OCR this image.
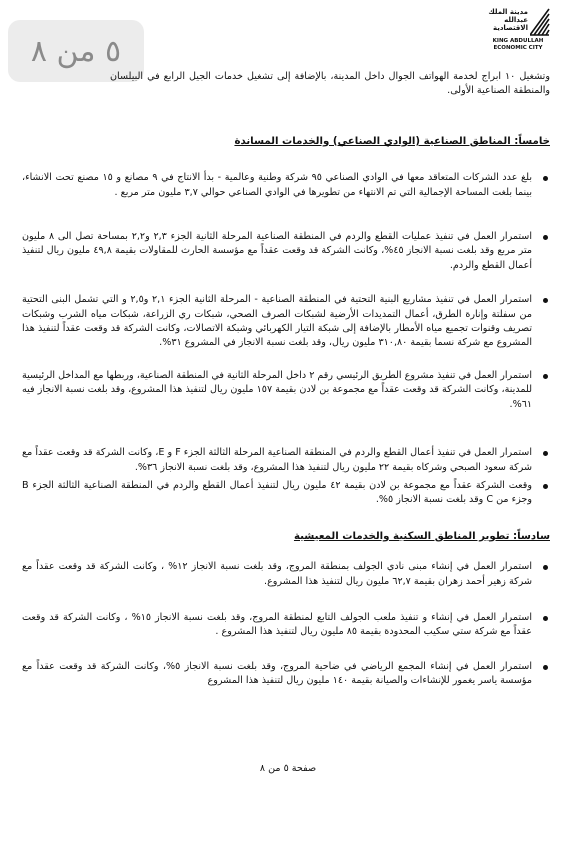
٥ من ٨
مدينة الملك عبدالله الاقتصادية
KING ABDULLAH ECONOMIC CITY

وتشغيل ١٠ ابراج لخدمة الهواتف الجوال داخل المدينة، بالإضافة إلى تشغيل خدمات الجيل الرابع في البيلسان والمنطقة الصناعية الأولى.

خامساً: المناطق الصناعية (الوادي الصناعي) والخدمات المساندة

بلغ عدد الشركات المتعاقد معها في الوادي الصناعي ٩٥ شركة وطنية وعالمية - بدأ الانتاج في ٩ مصانع و ١٥ مصنع تحت الانشاء، بينما بلغت المساحة الإجمالية التي تم الانتهاء من تطويرها في الوادي الصناعي حوالي ٣,٧ مليون متر مربع .
استمرار العمل في تنفيذ عمليات القطع والردم في المنطقة الصناعية المرحلة الثانية الجزء ٢,٣ و٢,٢ بمساحة تصل الى ٨ مليون متر مربع وقد بلغت نسبة الانجاز ٤٥%، وكانت الشركة قد وقعت عقداً مع مؤسسة الحارث للمقاولات بقيمة ٤٩,٨ مليون ريال لتنفيذ أعمال القطع والردم.
استمرار العمل في تنفيذ مشاريع البنية التحتية في المنطقة الصناعية - المرحلة الثانية الجزء ٢,١ و٢,٥ و التي تشمل البنى التحتية من سفلتة وإنارة الطرق، أعمال التمديدات الأرضية لشبكات الصرف الصحي، شبكات ري الزراعة، شبكات مياه الشرب وشبكات تصريف وقنوات تجميع مياه الأمطار بالإضافة إلى شبكة التيار الكهربائي وشبكة الاتصالات، وكانت الشركة قد وقعت عقداً لتنفيذ هذا المشروع مع شركة نسما بقيمة ٣١٠,٨٠ مليون ريال، وقد بلغت نسبة الانجاز في المشروع ٣١%.
استمرار العمل في تنفيذ مشروع الطريق الرئيسي رقم ٢ داخل المرحلة الثانية في المنطقة الصناعية، وربطها مع المداخل الرئيسية للمدينة، وكانت الشركة قد وقعت عقداً مع مجموعة بن لادن بقيمة ١٥٧ مليون ريال لتنفيذ هذا المشروع، وقد بلغت نسبة الانجاز فيه ٦١%.
استمرار العمل في تنفيذ أعمال القطع والردم في المنطقة الصناعية المرحلة الثالثة الجزء F و E، وكانت الشركة قد وقعت عقداً مع شركة سعود الصبحي وشركاه بقيمة ٢٢ مليون ريال لتنفيذ هذا المشروع، وقد بلغت نسبة الانجاز ٣٦%.
وقعت الشركة عقداً مع مجموعة بن لادن بقيمة ٤٢ مليون ريال لتنفيذ أعمال القطع والردم في المنطقة الصناعية الثالثة الجزء B وجزء من C وقد بلغت نسبة الانجاز ٥%.

سادساً: تطوير المناطق السكنية والخدمات المعيشية

استمرار العمل في إنشاء مبنى نادي الجولف بمنطقة المروج، وقد بلغت نسبة الانجاز ١٢% ، وكانت الشركة قد وقعت عقداً مع شركة زهير أحمد زهران بقيمة ٦٢,٧ مليون ريال لتنفيذ هذا المشروع.
استمرار العمل في إنشاء و تنفيذ ملعب الجولف التابع لمنطقة المروج، وقد بلغت نسبة الانجاز ١٥% ، وكانت الشركة قد وقعت عقداً مع شركة ستي سكيب المحدودة بقيمة ٨٥ مليون ريال لتنفيذ هذا المشروع .
استمرار العمل في إنشاء المجمع الرياضي في ضاحية المروج، وقد بلغت نسبة الانجاز ٥%، وكانت الشركة قد وقعت عقداً مع مؤسسة ياسر يغمور للإنشاءات والصيانة بقيمة ١٤٠ مليون ريال لتنفيذ هذا المشروع
صفحة ٥ من ٨
